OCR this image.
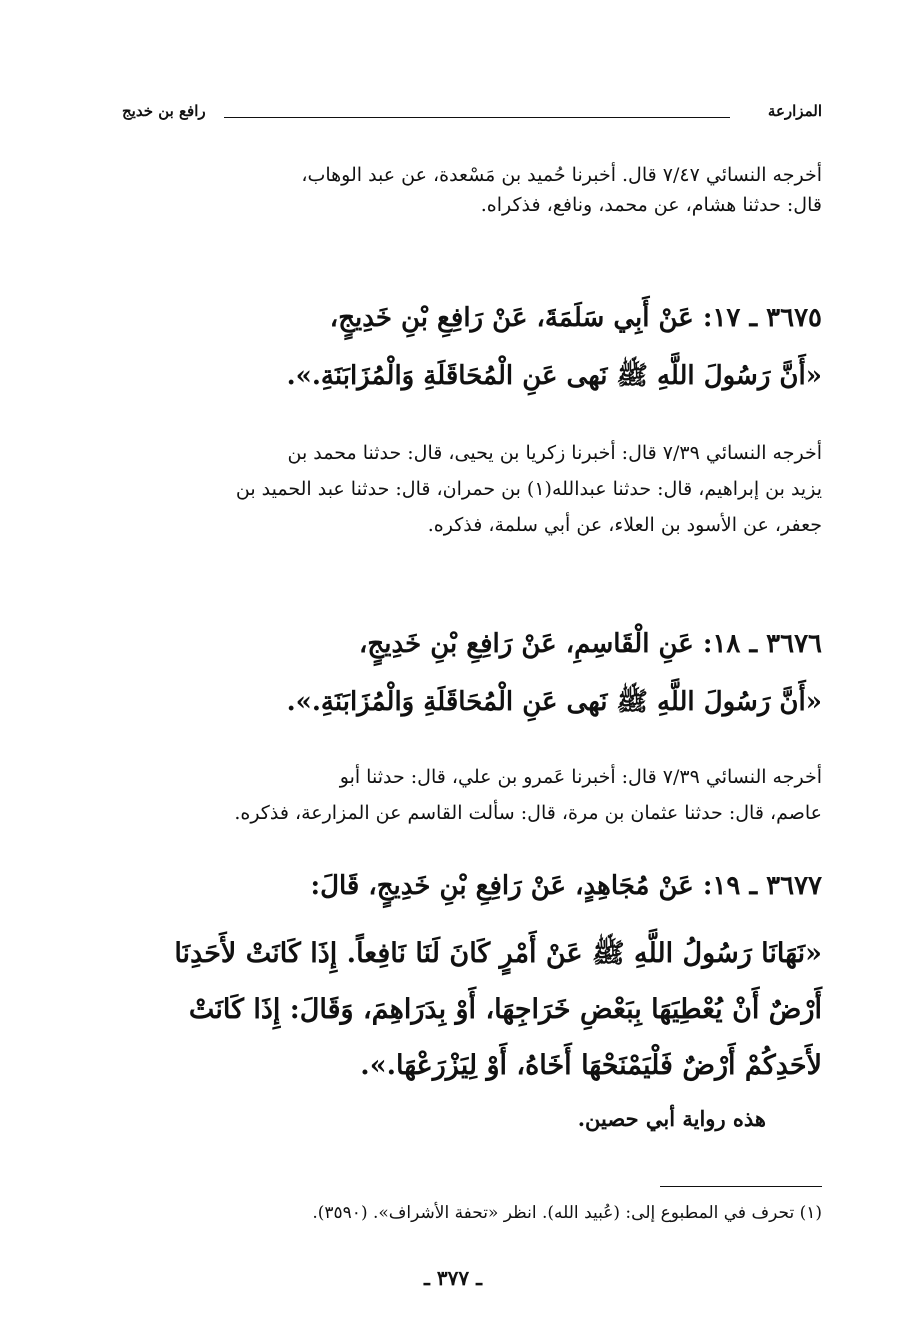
المزارعة
رافع بن خديج
أخرجه النسائي ٧/٤٧ قال. أخبرنا حُميد بن مَسْعدة، عن عبد الوهاب،
قال: حدثنا هشام، عن محمد، ونافع، فذكراه.
٣٦٧٥ ـ ١٧: عَنْ أَبِي سَلَمَةَ، عَنْ رَافِعِ بْنِ خَدِيجٍ،
«أَنَّ رَسُولَ اللَّهِ ﷺ نَهى عَنِ الْمُحَاقَلَةِ وَالْمُزَابَنَةِ.».
أخرجه النسائي ٧/٣٩ قال: أخبرنا زكريا بن يحيى، قال: حدثنا محمد بن
يزيد بن إبراهيم، قال: حدثنا عبدالله(١) بن حمران، قال: حدثنا عبد الحميد بن
جعفر، عن الأسود بن العلاء، عن أبي سلمة، فذكره.
٣٦٧٦ ـ ١٨: عَنِ الْقَاسِمِ، عَنْ رَافِعِ بْنِ خَدِيجٍ،
«أَنَّ رَسُولَ اللَّهِ ﷺ نَهى عَنِ الْمُحَاقَلَةِ وَالْمُزَابَنَةِ.».
أخرجه النسائي ٧/٣٩ قال: أخبرنا عَمرو بن علي، قال: حدثنا أبو
عاصم، قال: حدثنا عثمان بن مرة، قال: سألت القاسم عن المزارعة، فذكره.
٣٦٧٧ ـ ١٩: عَنْ مُجَاهِدٍ، عَنْ رَافِعِ بْنِ خَدِيجٍ، قَالَ:
«نَهَانَا رَسُولُ اللَّهِ ﷺ عَنْ أَمْرٍ كَانَ لَنَا نَافِعاً. إِذَا كَانَتْ لأَحَدِنَا
أَرْضٌ أَنْ يُعْطِيَهَا بِبَعْضِ خَرَاجِهَا، أَوْ بِدَرَاهِمَ، وَقَالَ: إِذَا كَانَتْ
لأَحَدِكُمْ أَرْضٌ فَلْيَمْنَحْهَا أَخَاهُ، أَوْ لِيَزْرَعْهَا.».
هذه رواية أبي حصين.
(١) تحرف في المطبوع إلى: (عُبيد الله). انظر «تحفة الأشراف». (٣٥٩٠).
ـ ٣٧٧ ـ
